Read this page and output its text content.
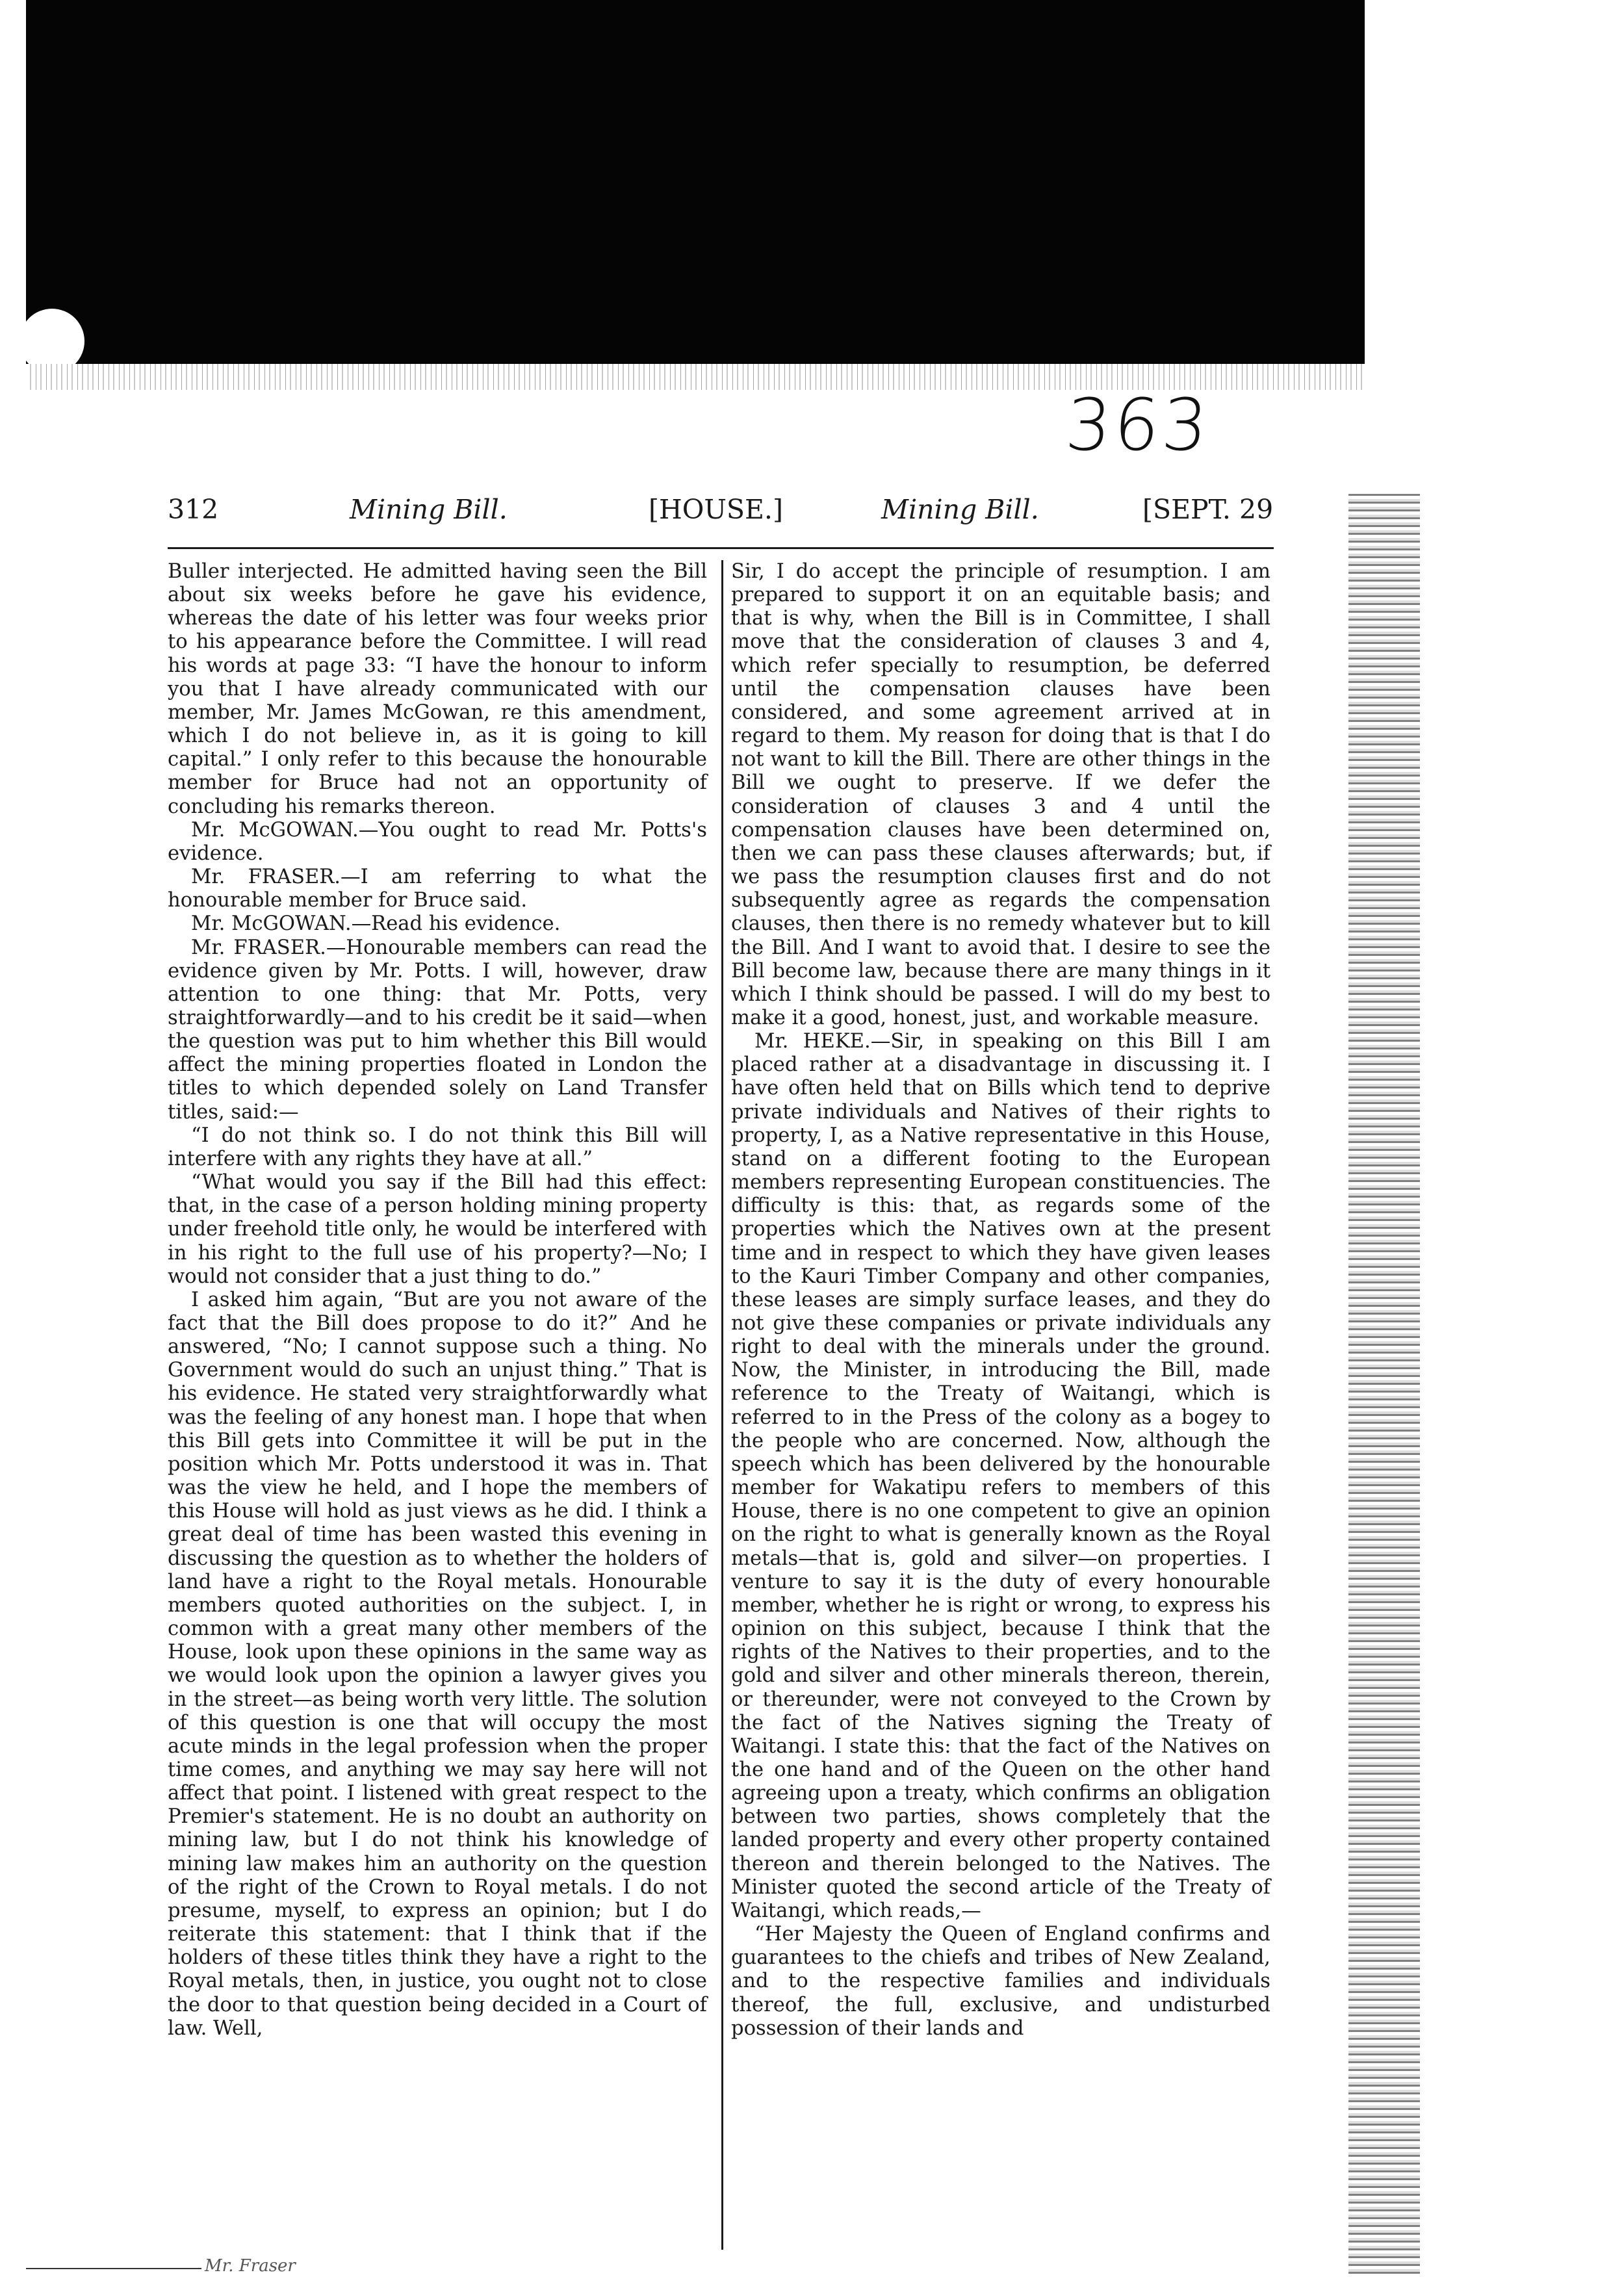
363
312	Mining Bill.	[HOUSE.]	Mining Bill.	[SEPT. 29

Buller interjected. He admitted having seen the Bill about six weeks before he gave his evidence, whereas the date of his letter was four weeks prior to his appearance before the Committee. I will read his words at page 33: “I have the honour to inform you that I have already communicated with our member, Mr. James McGowan, re this amendment, which I do not believe in, as it is going to kill capital.” I only refer to this because the honourable member for Bruce had not an opportunity of concluding his remarks thereon.

Mr. McGOWAN.—You ought to read Mr. Potts's evidence.

Mr. FRASER.—I am referring to what the honourable member for Bruce said.

Mr. McGOWAN.—Read his evidence.

Mr. FRASER.—Honourable members can read the evidence given by Mr. Potts. I will, however, draw attention to one thing: that Mr. Potts, very straightforwardly—and to his credit be it said—when the question was put to him whether this Bill would affect the mining properties floated in London the titles to which depended solely on Land Transfer titles, said:—

“I do not think so. I do not think this Bill will interfere with any rights they have at all.”

“What would you say if the Bill had this effect: that, in the case of a person holding mining property under freehold title only, he would be interfered with in his right to the full use of his property?—No; I would not consider that a just thing to do.”

I asked him again, “But are you not aware of the fact that the Bill does propose to do it?” And he answered, “No; I cannot suppose such a thing. No Government would do such an unjust thing.” That is his evidence. He stated very straightforwardly what was the feeling of any honest man. I hope that when this Bill gets into Committee it will be put in the position which Mr. Potts understood it was in. That was the view he held, and I hope the members of this House will hold as just views as he did. I think a great deal of time has been wasted this evening in discussing the question as to whether the holders of land have a right to the Royal metals. Honourable members quoted authorities on the subject. I, in common with a great many other members of the House, look upon these opinions in the same way as we would look upon the opinion a lawyer gives you in the street—as being worth very little. The solution of this question is one that will occupy the most acute minds in the legal profession when the proper time comes, and anything we may say here will not affect that point. I listened with great respect to the Premier's statement. He is no doubt an authority on mining law, but I do not think his knowledge of mining law makes him an authority on the question of the right of the Crown to Royal metals. I do not presume, myself, to express an opinion; but I do reiterate this statement: that I think that if the holders of these titles think they have a right to the Royal metals, then, in justice, you ought not to close the door to that question being decided in a Court of law. Well,

Sir, I do accept the principle of resumption. I am prepared to support it on an equitable basis; and that is why, when the Bill is in Committee, I shall move that the consideration of clauses 3 and 4, which refer specially to resumption, be deferred until the compensation clauses have been considered, and some agreement arrived at in regard to them. My reason for doing that is that I do not want to kill the Bill. There are other things in the Bill we ought to preserve. If we defer the consideration of clauses 3 and 4 until the compensation clauses have been determined on, then we can pass these clauses afterwards; but, if we pass the resumption clauses first and do not subsequently agree as regards the compensation clauses, then there is no remedy whatever but to kill the Bill. And I want to avoid that. I desire to see the Bill become law, because there are many things in it which I think should be passed. I will do my best to make it a good, honest, just, and workable measure.

Mr. HEKE.—Sir, in speaking on this Bill I am placed rather at a disadvantage in discussing it. I have often held that on Bills which tend to deprive private individuals and Natives of their rights to property, I, as a Native representative in this House, stand on a different footing to the European members representing European constituencies. The difficulty is this: that, as regards some of the properties which the Natives own at the present time and in respect to which they have given leases to the Kauri Timber Company and other companies, these leases are simply surface leases, and they do not give these companies or private individuals any right to deal with the minerals under the ground. Now, the Minister, in introducing the Bill, made reference to the Treaty of Waitangi, which is referred to in the Press of the colony as a bogey to the people who are concerned. Now, although the speech which has been delivered by the honourable member for Wakatipu refers to members of this House, there is no one competent to give an opinion on the right to what is generally known as the Royal metals—that is, gold and silver—on properties. I venture to say it is the duty of every honourable member, whether he is right or wrong, to express his opinion on this subject, because I think that the rights of the Natives to their properties, and to the gold and silver and other minerals thereon, therein, or thereunder, were not conveyed to the Crown by the fact of the Natives signing the Treaty of Waitangi. I state this: that the fact of the Natives on the one hand and of the Queen on the other hand agreeing upon a treaty, which confirms an obligation between two parties, shows completely that the landed property and every other property contained thereon and therein belonged to the Natives. The Minister quoted the second article of the Treaty of Waitangi, which reads,—

“Her Majesty the Queen of England confirms and guarantees to the chiefs and tribes of New Zealand, and to the respective families and individuals thereof, the full, exclusive, and undisturbed possession of their lands and

Mr. Fraser
